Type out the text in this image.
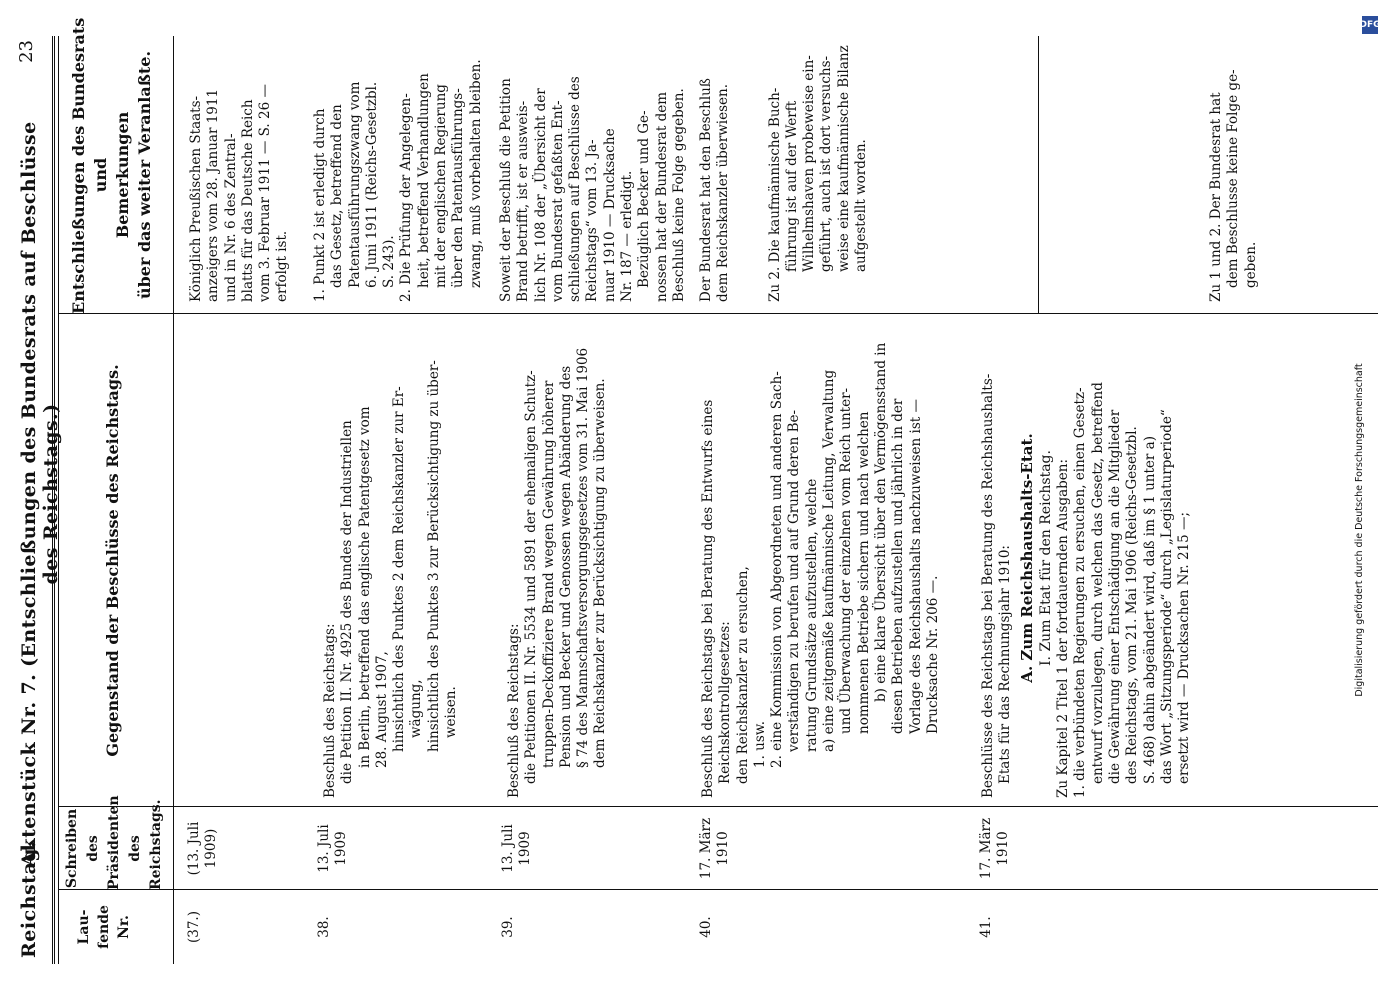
Reichstag.
Aktenstück Nr. 7. (Entschließungen des Bundesrats auf Beschlüsse des Reichstags.)
23
Lau- fende Nr.
Schreiben des Präsidenten des Reichstags.
Gegenstand der Beschlüsse des Reichstags.
Entschließungen des Bundesrats und Bemerkungen über das weiter Veranlaßte.
(37.)
(13. Juli 1909)
Königlich Preußischen Staats- anzeigers vom 28. Januar 1911 und in Nr. 6 des Zentral- blatts für das Deutsche Reich vom 3. Februar 1911 — S. 26 — erfolgt ist.
38.
13. Juli 1909
Beschluß des Reichstags: die Petition II. Nr. 4925 des Bundes der Industriellen in Berlin, betreffend das englische Patentgesetz vom 28. August 1907, hinsichtlich des Punktes 2 dem Reichskanzler zur Er- wägung, hinsichtlich des Punktes 3 zur Berücksichtigung zu über- weisen.
1. Punkt 2 ist erledigt durch das Gesetz, betreffend den Patentausführungszwang vom 6. Juni 1911 (Reichs-Gesetzbl. S. 243). 2. Die Prüfung der Angelegen- heit, betreffend Verhandlungen mit der englischen Regierung über den Patentausführungs- zwang, muß vorbehalten bleiben.
39.
13. Juli 1909
Beschluß des Reichstags: die Petitionen II. Nr. 5534 und 5891 der ehemaligen Schutz- truppen-Deckoffiziere Brand wegen Gewährung höherer Pension und Becker und Genossen wegen Abänderung des § 74 des Mannschaftsversorgungsgesetzes vom 31. Mai 1906 dem Reichskanzler zur Berücksichtigung zu überweisen.
Soweit der Beschluß die Petition Brand betrifft, ist er ausweis- lich Nr. 108 der „Übersicht der vom Bundesrat gefaßten Ent- schließungen auf Beschlüsse des Reichstags“ vom 13. Ja- nuar 1910 — Drucksache Nr. 187 — erledigt. Bezüglich Becker und Ge- nossen hat der Bundesrat dem Beschluß keine Folge gegeben.
40.
17. März 1910
Beschluß des Reichstags bei Beratung des Entwurfs eines Reichskontrollgesetzes: den Reichskanzler zu ersuchen, 1. usw. 2. eine Kommission von Abgeordneten und anderen Sach- verständigen zu berufen und auf Grund deren Be- ratung Grundsätze aufzustellen, welche a) eine zeitgemäße kaufmännische Leitung, Verwaltung und Überwachung der einzelnen vom Reich unter- nommenen Betriebe sichern und nach welchen b) eine klare Übersicht über den Vermögensstand in diesen Betrieben aufzustellen und jährlich in der Vorlage des Reichshaushalts nachzuweisen ist — Drucksache Nr. 206 —.
Der Bundesrat hat den Beschluß dem Reichskanzler überwiesen.	Zu 2. Die kaufmännische Buch- führung ist auf der Werft Wilhelmshaven probeweise ein- geführt, auch ist dort versuchs- weise eine kaufmännische Bilanz aufgestellt worden.
41.
17. März 1910
Beschlüsse des Reichstags bei Beratung des Reichshaushalts- Etats für das Rechnungsjahr 1910: A. Zum Reichshaushalts-Etat. I. Zum Etat für den Reichstag. Zu Kapitel 2 Titel 1 der fortdauernden Ausgaben: 1. die verbündeten Regierungen zu ersuchen, einen Gesetz- entwurf vorzulegen, durch welchen das Gesetz, betreffend die Gewährung einer Entschädigung an die Mitglieder des Reichstags, vom 21. Mai 1906 (Reichs-Gesetzbl. S. 468) dahin abgeändert wird, daß im § 1 unter a) das Wort „Sitzungsperiode“ durch „Legislaturperiode“ ersetzt wird — Drucksachen Nr. 215 —;
Zu 1 und 2. Der Bundesrat hat dem Beschlusse keine Folge ge- geben.
DFG
Digitalisierung gefördert durch die Deutsche Forschungsgemeinschaft
